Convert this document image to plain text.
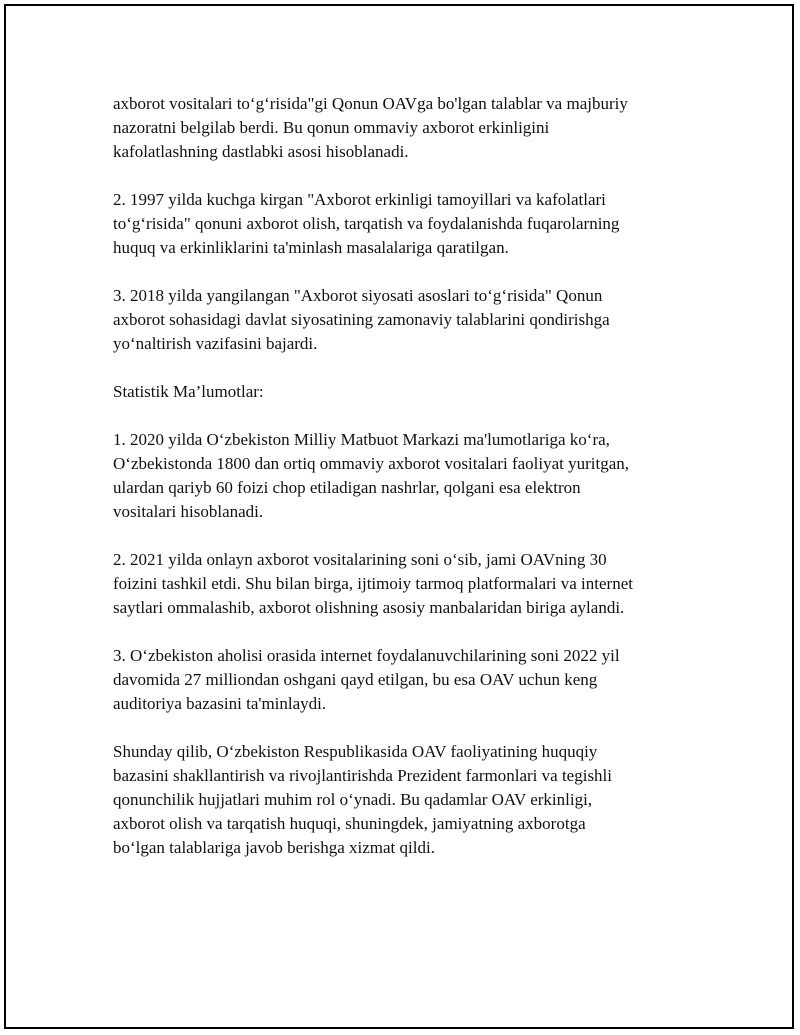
axborot vositalari to‘g‘risida"gi Qonun OAVga bo'lgan talablar va majburiy
nazoratni belgilab berdi. Bu qonun ommaviy axborot erkinligini
kafolatlashning dastlabki asosi hisoblanadi.

2. 1997 yilda kuchga kirgan "Axborot erkinligi tamoyillari va kafolatlari
to‘g‘risida" qonuni axborot olish, tarqatish va foydalanishda fuqarolarning
huquq va erkinliklarini ta'minlash masalalariga qaratilgan.

3. 2018 yilda yangilangan "Axborot siyosati asoslari to‘g‘risida" Qonun
axborot sohasidagi davlat siyosatining zamonaviy talablarini qondirishga
yo‘naltirish vazifasini bajardi.

Statistik Ma’lumotlar:

1. 2020 yilda O‘zbekiston Milliy Matbuot Markazi ma'lumotlariga ko‘ra,
O‘zbekistonda 1800 dan ortiq ommaviy axborot vositalari faoliyat yuritgan,
ulardan qariyb 60 foizi chop etiladigan nashrlar, qolgani esa elektron
vositalari hisoblanadi.

2. 2021 yilda onlayn axborot vositalarining soni o‘sib, jami OAVning 30
foizini tashkil etdi. Shu bilan birga, ijtimoiy tarmoq platformalari va internet
saytlari ommalashib, axborot olishning asosiy manbalaridan biriga aylandi.

3. O‘zbekiston aholisi orasida internet foydalanuvchilarining soni 2022 yil
davomida 27 milliondan oshgani qayd etilgan, bu esa OAV uchun keng
auditoriya bazasini ta'minlaydi.

Shunday qilib, O‘zbekiston Respublikasida OAV faoliyatining huquqiy
bazasini shakllantirish va rivojlantirishda Prezident farmonlari va tegishli
qonunchilik hujjatlari muhim rol o‘ynadi. Bu qadamlar OAV erkinligi,
axborot olish va tarqatish huquqi, shuningdek, jamiyatning axborotga
bo‘lgan talablariga javob berishga xizmat qildi.
